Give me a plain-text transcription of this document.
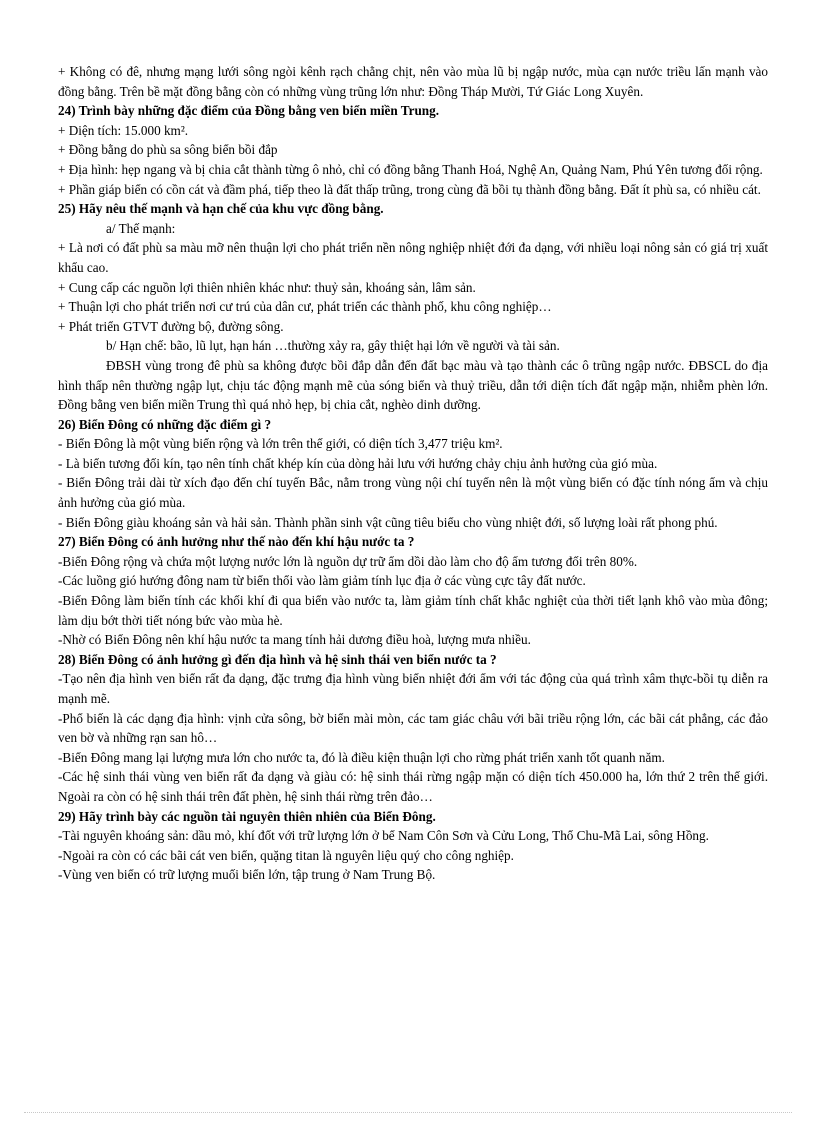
+ Không có đê, nhưng mạng lưới sông ngòi kênh rạch chằng chịt, nên vào mùa lũ bị ngập nước, mùa cạn nước triều lấn mạnh vào đồng bằng. Trên bề mặt đồng bằng còn có những vùng trũng lớn như: Đồng Tháp Mười, Tứ Giác Long Xuyên.

24) Trình bày những đặc điểm của Đồng bằng ven biển miền Trung.

+ Diện tích: 15.000 km².

+ Đồng bằng do phù sa sông biển bồi đắp

+ Địa hình: hẹp ngang và bị chia cắt thành từng ô nhỏ, chỉ có đồng bằng Thanh Hoá, Nghệ An, Quảng Nam, Phú Yên tương đối rộng.

+ Phần giáp biển có cồn cát và đầm phá, tiếp theo là đất thấp trũng, trong cùng đã bồi tụ thành đồng bằng. Đất ít phù sa, có nhiều cát.

25) Hãy nêu thế mạnh và hạn chế của khu vực đồng bằng.

a/ Thế mạnh:

+ Là nơi có đất phù sa màu mỡ nên thuận lợi cho phát triển nền nông nghiệp nhiệt đới đa dạng, với nhiều loại nông sản có giá trị xuất khẩu cao.

+ Cung cấp các nguồn lợi thiên nhiên khác như: thuỷ sản, khoáng sản, lâm sản.

+ Thuận lợi cho phát triển nơi cư trú của dân cư, phát triển các thành phố, khu công nghiệp…

+ Phát triển GTVT đường bộ, đường sông.

b/ Hạn chế: bão, lũ lụt, hạn hán …thường xảy ra, gây thiệt hại lớn về người và tài sản.

ĐBSH vùng trong đê phù sa không được bồi đắp dẫn đến đất bạc màu và tạo thành các ô trũng ngập nước. ĐBSCL do địa hình thấp nên thường ngập lụt, chịu tác động mạnh mẽ của sóng biển và thuỷ triều, dẫn tới diện tích đất ngập mặn, nhiễm phèn lớn. Đồng bằng ven biển miền Trung thì quá nhỏ hẹp, bị chia cắt, nghèo dinh dưỡng.

26) Biển Đông có những đặc điểm gì ?

- Biển Đông là một vùng biển rộng và lớn trên thế giới, có diện tích 3,477 triệu km².

- Là biển tương đối kín, tạo nên tính chất khép kín của dòng hải lưu với hướng chảy chịu ảnh hưởng của gió mùa.

- Biển Đông trải dài từ xích đạo đến chí tuyến Bắc, nằm trong vùng nội chí tuyến nên là một vùng biển có đặc tính nóng ẩm và chịu ảnh hưởng của gió mùa.

- Biển Đông giàu khoáng sản và hải sản. Thành phần sinh vật cũng tiêu biểu cho vùng nhiệt đới, số lượng loài rất phong phú.

27) Biển Đông có ảnh hưởng như thế nào đến khí hậu nước ta ?

-Biển Đông rộng và chứa một lượng nước lớn là nguồn dự trữ ẩm dồi dào làm cho độ ẩm tương đối trên 80%.

-Các luồng gió hướng đông nam từ biển thổi vào làm giảm tính lục địa ở các vùng cực tây đất nước.

-Biển Đông làm biến tính các khối khí đi qua biển vào nước ta, làm giảm tính chất khắc nghiệt của thời tiết lạnh khô vào mùa đông; làm dịu bớt thời tiết nóng bức vào mùa hè.

-Nhờ có Biển Đông nên khí hậu nước ta mang tính hải dương điều hoà, lượng mưa nhiều.

28) Biển Đông có ảnh hưởng gì đến địa hình và hệ sinh thái ven biển nước ta ?

-Tạo nên địa hình ven biển rất đa dạng, đặc trưng địa hình vùng biển nhiệt đới ẩm với tác động của quá trình xâm thực-bồi tụ diễn ra mạnh mẽ.

-Phổ biến là các dạng địa hình: vịnh cửa sông, bờ biển mài mòn, các tam giác châu với bãi triều rộng lớn, các bãi cát phẳng, các đảo ven bờ và những rạn san hô…

-Biển Đông mang lại lượng mưa lớn cho nước ta, đó là điều kiện thuận lợi cho rừng phát triển xanh tốt quanh năm.

-Các hệ sinh thái vùng ven biển rất đa dạng và giàu có: hệ sinh thái rừng ngập mặn có diện tích 450.000 ha, lớn thứ 2 trên thế giới. Ngoài ra còn có hệ sinh thái trên đất phèn, hệ sinh thái rừng trên đảo…

29) Hãy trình bày các nguồn tài nguyên thiên nhiên của Biển Đông.

-Tài nguyên khoáng sản: dầu mỏ, khí đốt với trữ lượng lớn ở bể Nam Côn Sơn và Cửu Long, Thổ Chu-Mã Lai, sông Hồng.

-Ngoài ra còn có các bãi cát ven biển, quặng titan là nguyên liệu quý cho công nghiệp.

-Vùng ven biển có trữ lượng muối biển lớn, tập trung ở Nam Trung Bộ.
